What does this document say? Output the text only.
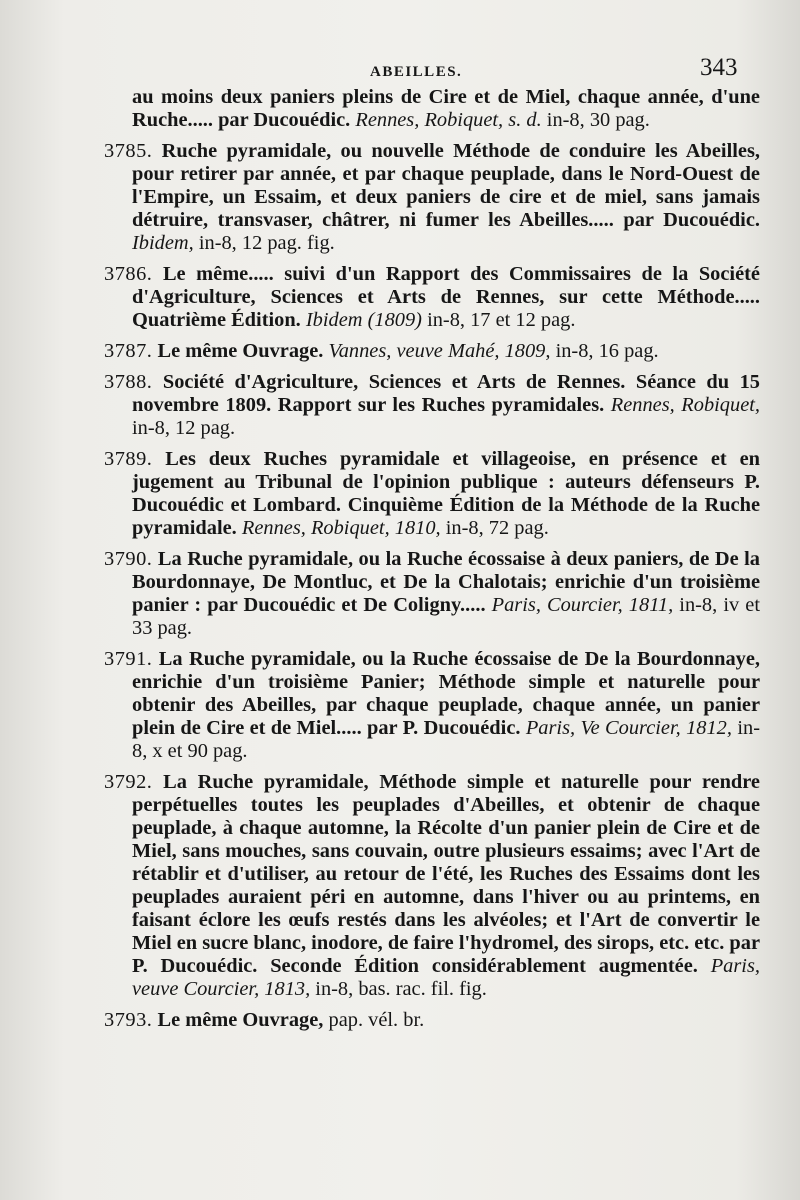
ABEILLES.	343

au moins deux paniers pleins de Cire et de Miel, chaque année, d'une Ruche..... par Ducouédic. Rennes, Robiquet, s. d. in-8, 30 pag.

3785. Ruche pyramidale, ou nouvelle Méthode de conduire les Abeilles, pour retirer par année, et par chaque peuplade, dans le Nord-Ouest de l'Empire, un Essaim, et deux paniers de cire et de miel, sans jamais détruire, transvaser, châtrer, ni fumer les Abeilles..... par Ducouédic. Ibidem, in-8, 12 pag. fig.

3786. Le même..... suivi d'un Rapport des Commissaires de la Société d'Agriculture, Sciences et Arts de Rennes, sur cette Méthode..... Quatrième Édition. Ibidem (1809) in-8, 17 et 12 pag.

3787. Le même Ouvrage. Vannes, veuve Mahé, 1809, in-8, 16 pag.

3788. Société d'Agriculture, Sciences et Arts de Rennes. Séance du 15 novembre 1809. Rapport sur les Ruches pyramidales. Rennes, Robiquet, in-8, 12 pag.

3789. Les deux Ruches pyramidale et villageoise, en présence et en jugement au Tribunal de l'opinion publique : auteurs défenseurs P. Ducouédic et Lombard. Cinquième Édition de la Méthode de la Ruche pyramidale. Rennes, Robiquet, 1810, in-8, 72 pag.

3790. La Ruche pyramidale, ou la Ruche écossaise à deux paniers, de De la Bourdonnaye, De Montluc, et De la Chalotais; enrichie d'un troisième panier : par Ducouédic et De Coligny..... Paris, Courcier, 1811, in-8, iv et 33 pag.

3791. La Ruche pyramidale, ou la Ruche écossaise de De la Bourdonnaye, enrichie d'un troisième Panier; Méthode simple et naturelle pour obtenir des Abeilles, par chaque peuplade, chaque année, un panier plein de Cire et de Miel..... par P. Ducouédic. Paris, Ve Courcier, 1812, in-8, x et 90 pag.

3792. La Ruche pyramidale, Méthode simple et naturelle pour rendre perpétuelles toutes les peuplades d'Abeilles, et obtenir de chaque peuplade, à chaque automne, la Récolte d'un panier plein de Cire et de Miel, sans mouches, sans couvain, outre plusieurs essaims; avec l'Art de rétablir et d'utiliser, au retour de l'été, les Ruches des Essaims dont les peuplades auraient péri en automne, dans l'hiver ou au printems, en faisant éclore les œufs restés dans les alvéoles; et l'Art de convertir le Miel en sucre blanc, inodore, de faire l'hydromel, des sirops, etc. etc. par P. Ducouédic. Seconde Édition considérablement augmentée. Paris, veuve Courcier, 1813, in-8, bas. rac. fil. fig.

3793. Le même Ouvrage, pap. vél. br.
